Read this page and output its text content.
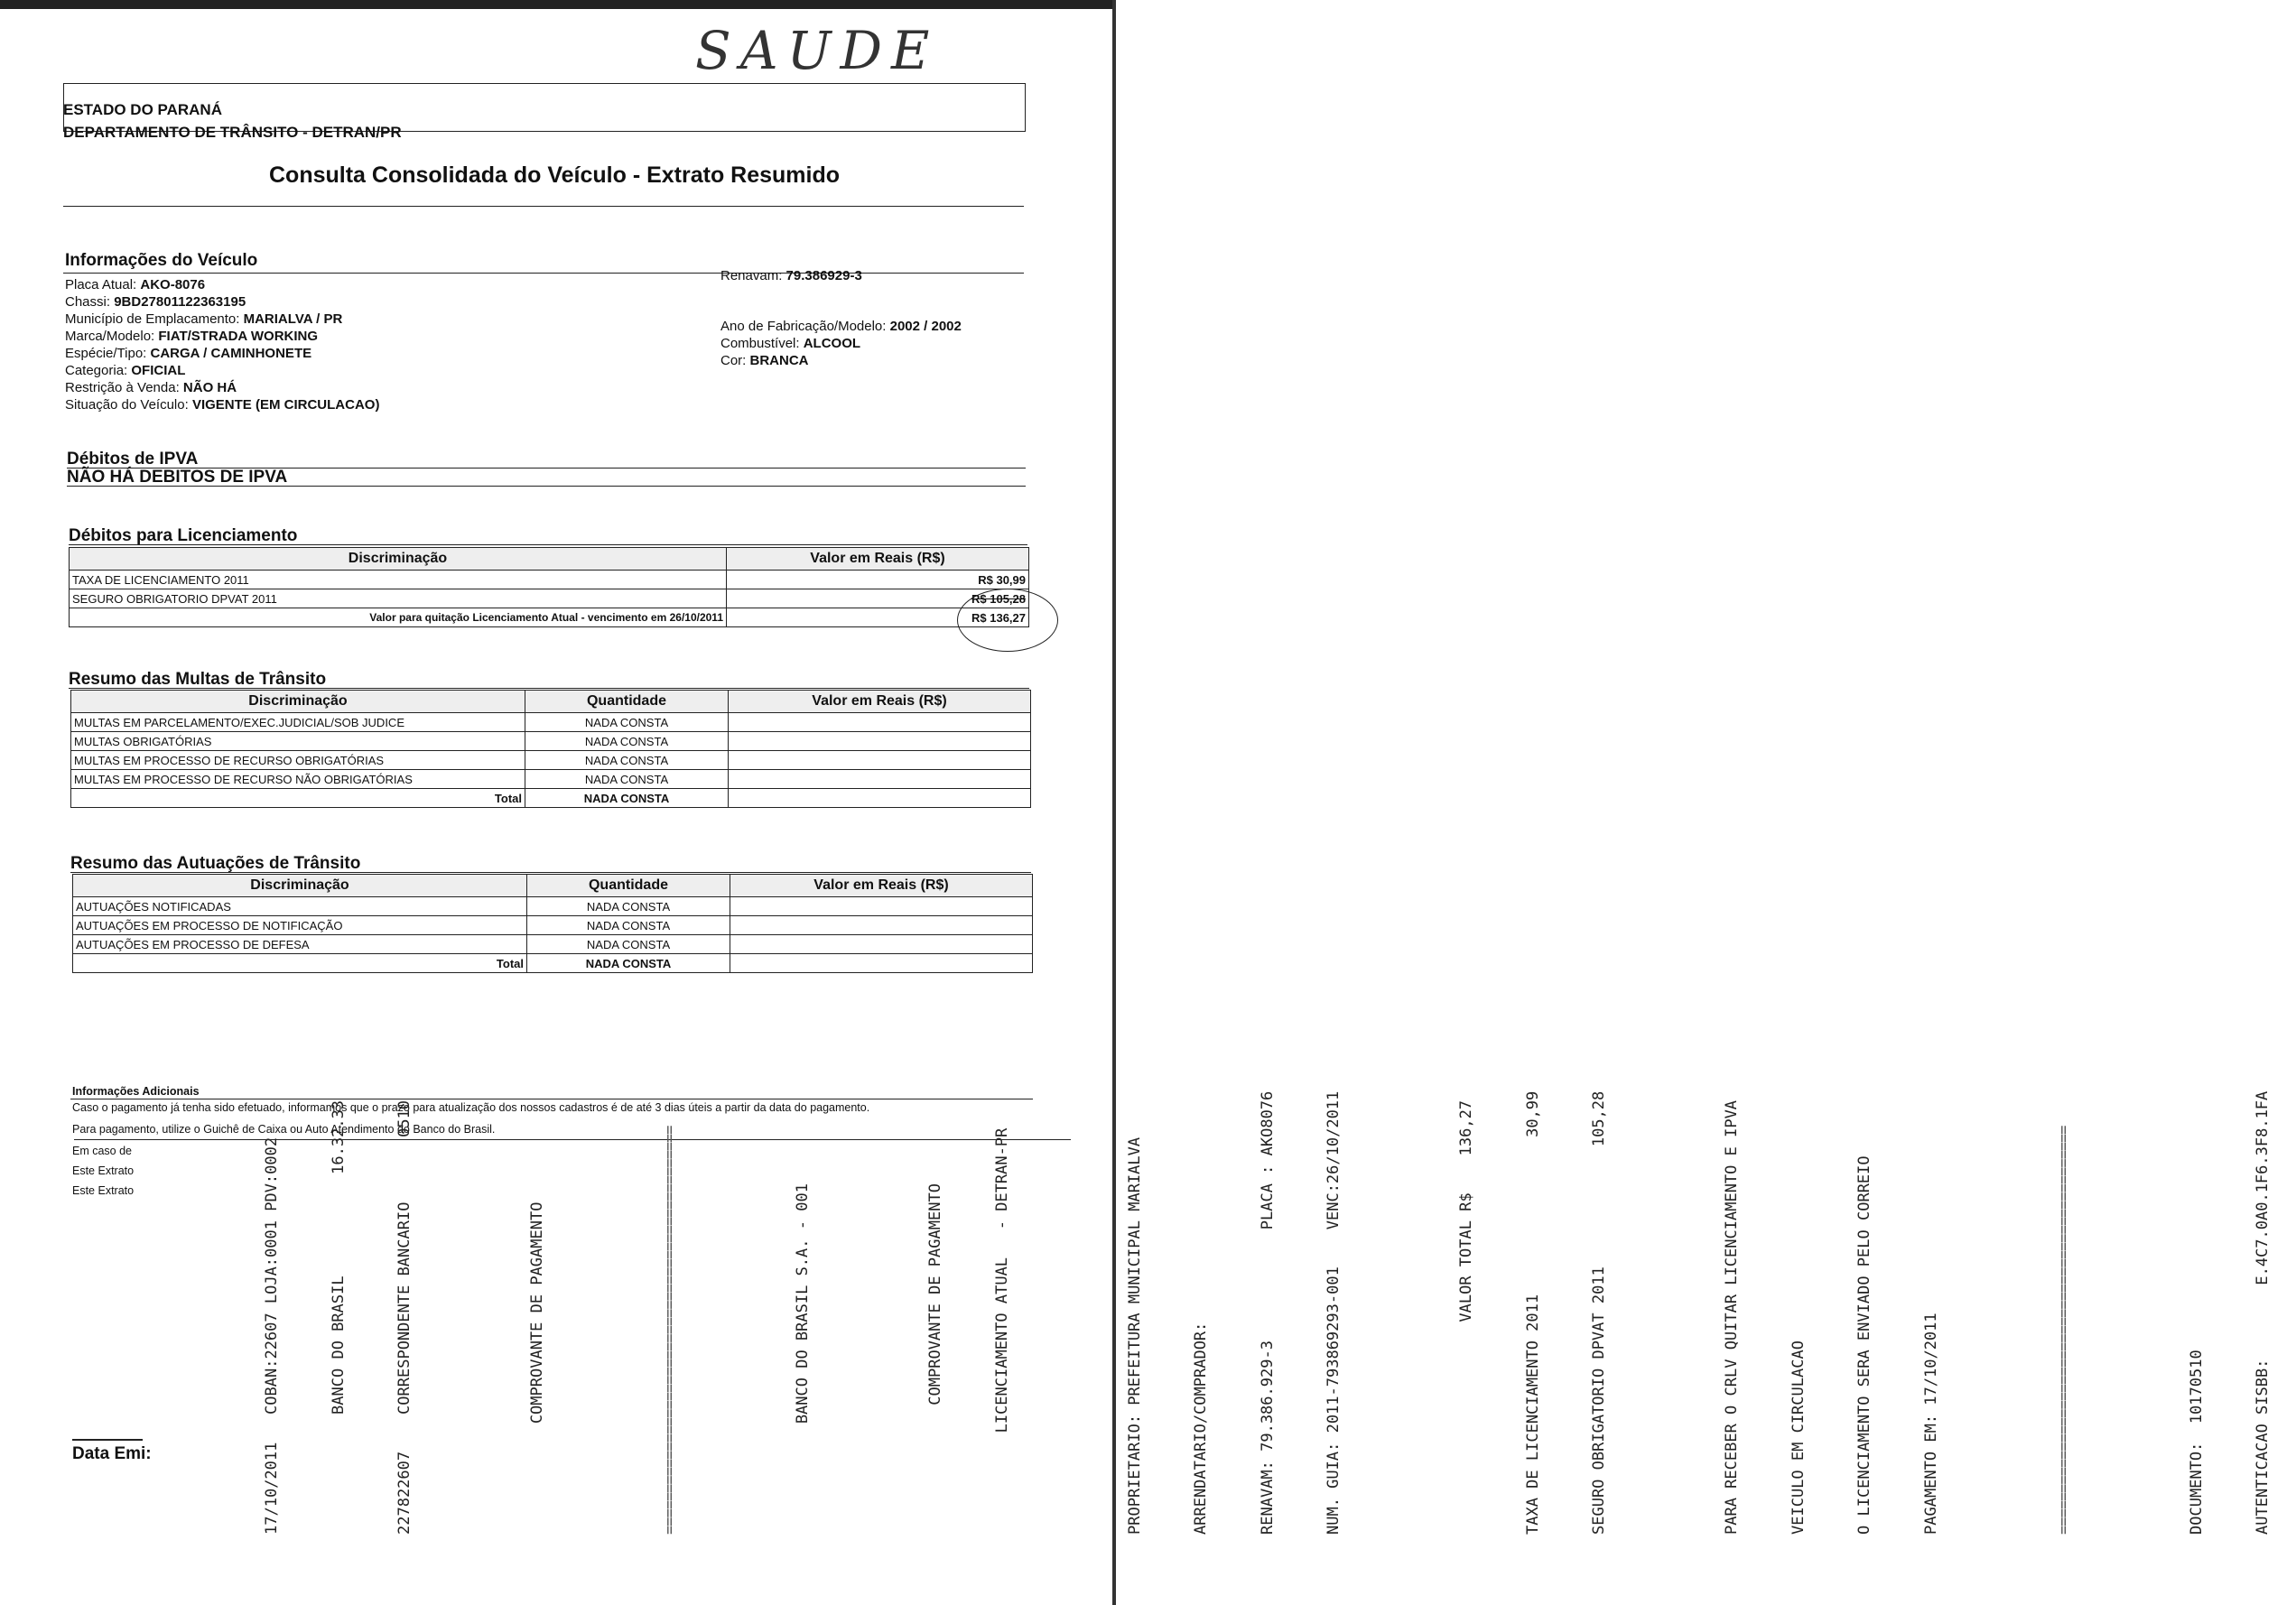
SAUDE
ESTADO DO PARANÁ
DEPARTAMENTO DE TRÂNSITO - DETRAN/PR
Consulta Consolidada do Veículo - Extrato Resumido
Informações do Veículo
Placa Atual: AKO-8076
Chassi: 9BD27801122363195
Município de Emplacamento: MARIALVA / PR
Marca/Modelo: FIAT/STRADA WORKING
Espécie/Tipo: CARGA / CAMINHONETE
Categoria: OFICIAL
Restrição à Venda: NÃO HÁ
Situação do Veículo: VIGENTE (EM CIRCULACAO)
Renavam: 79.386929-3
Ano de Fabricação/Modelo: 2002 / 2002
Combustível: ALCOOL
Cor: BRANCA
Débitos de IPVA
NÃO HÁ DEBITOS DE IPVA
Débitos para Licenciamento
Discriminação	Valor em Reais (R$)
TAXA DE LICENCIAMENTO 2011	R$ 30,99
SEGURO OBRIGATORIO DPVAT 2011	R$ 105,28
Valor para quitação Licenciamento Atual - vencimento em 26/10/2011	R$ 136,27
Resumo das Multas de Trânsito
Discriminação	Quantidade	Valor em Reais (R$)
MULTAS EM PARCELAMENTO/EXEC.JUDICIAL/SOB JUDICE	NADA CONSTA	
MULTAS OBRIGATÓRIAS	NADA CONSTA	
MULTAS EM PROCESSO DE RECURSO OBRIGATÓRIAS	NADA CONSTA	
MULTAS EM PROCESSO DE RECURSO NÃO OBRIGATÓRIAS	NADA CONSTA	
Total	NADA CONSTA	
Resumo das Autuações de Trânsito
Discriminação	Quantidade	Valor em Reais (R$)
AUTUAÇÕES NOTIFICADAS	NADA CONSTA	
AUTUAÇÕES EM PROCESSO DE NOTIFICAÇÃO	NADA CONSTA	
AUTUAÇÕES EM PROCESSO DE DEFESA	NADA CONSTA	
Total	NADA CONSTA	
Informações Adicionais
Caso o pagamento já tenha sido efetuado, informamos que o prazo para atualização dos nossos cadastros é de até 3 dias úteis a partir da data do pagamento.
Para pagamento, utilize o Guichê de Caixa ou Auto Atendimento do Banco do Brasil.
Em caso de
Este Extrato
Este Extrato
Data Emi:

	17/10/2011   COBAN:22607 LOJA:0001 PDV:0002

	BANCO DO BRASIL           16.32.33

	227822607    CORRESPONDENTE BANCARIO       0510

	COMPROVANTE DE PAGAMENTO

	=================================================

	BANCO DO BRASIL S.A. - 001

	COMPROVANTE DE PAGAMENTO

	LICENCIAMENTO ATUAL   - DETRAN-PR

	PROPRIETARIO: PREFEITURA MUNICIPAL MARIALVA

	ARRENDATARIO/COMPRADOR:

	RENAVAM: 79.386.929-3            PLACA : AKO8076

	NUM. GUIA: 2011-793869293-001    VENC:26/10/2011

	VALOR TOTAL R$    136,27

	TAXA DE LICENCIAMENTO 2011                 30,99

	SEGURO OBRIGATORIO DPVAT 2011             105,28

	PARA RECEBER O CRLV QUITAR LICENCIAMENTO E IPVA

	VEICULO EM CIRCULACAO

	O LICENCIAMENTO SERA ENVIADO PELO CORREIO

	PAGAMENTO EM: 17/10/2011

	=================================================

	DOCUMENTO:  10170510

	AUTENTICACAO SISBB:        E.4C7.0A0.1F6.3F8.1FA
